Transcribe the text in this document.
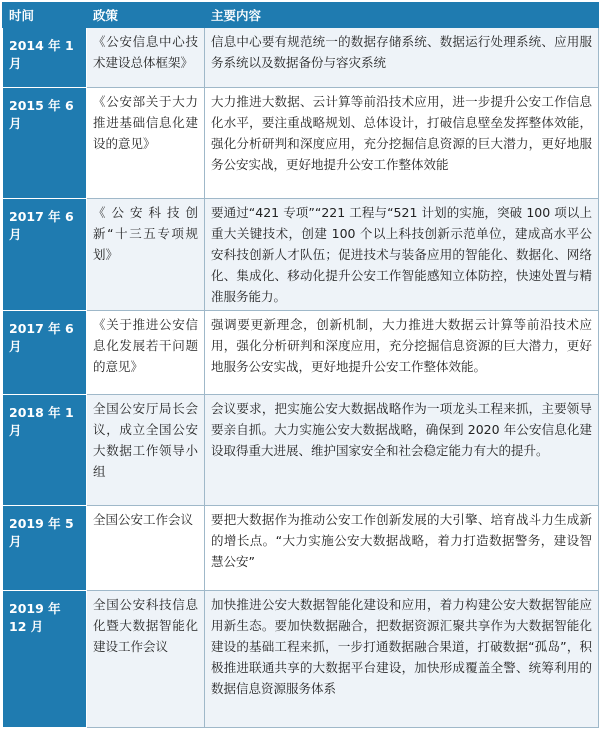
时间	政策	主要内容
2014 年 1 月	《公安信息中心技术建设总体框架》	信息中心要有规范统一的数据存储系统、数据运行处理系统、应用服务系统以及数据备份与容灾系统
2015 年 6 月	《公安部关于大力推进基础信息化建设的意见》	大力推进大数据、云计算等前沿技术应用，进一步提升公安工作信息化水平，要注重战略规划、总体设计，打破信息壁垒发挥整体效能，强化分析研判和深度应用，充分挖掘信息资源的巨大潜力，更好地服务公安实战，更好地提升公安工作整体效能
2017 年 6 月	《公安科技创新“十三五专项规划》	要通过“421 专项”“221 工程与“521 计划的实施，突破 100 项以上重大关键技术，创建 100 个以上科技创新示范单位，建成高水平公安科技创新人才队伍；促进技术与装备应用的智能化、数据化、网络化、集成化、移动化提升公安工作智能感知立体防控，快速处置与精准服务能力。
2017 年 6 月	《关于推进公安信息化发展若干问题的意见》	强调要更新理念，创新机制，大力推进大数据云计算等前沿技术应用，强化分析研判和深度应用，充分挖掘信息资源的巨大潜力，更好地服务公安实战，更好地提升公安工作整体效能。
2018 年 1 月	全国公安厅局长会议，成立全国公安大数据工作领导小组	会议要求，把实施公安大数据战略作为一项龙头工程来抓，主要领导要亲自抓。大力实施公安大数据战略，确保到 2020 年公安信息化建设取得重大进展、维护国家安全和社会稳定能力有大的提升。
2019 年 5 月	全国公安工作会议	要把大数据作为推动公安工作创新发展的大引擎、培育战斗力生成新的增长点。“大力实施公安大数据战略，着力打造数据警务，建设智慧公安”
2019 年 12 月	全国公安科技信息化暨大数据智能化建设工作会议	加快推进公安大数据智能化建设和应用，着力构建公安大数据智能应用新生态。要加快数据融合，把数据资源汇聚共享作为大数据智能化建设的基础工程来抓，一步打通数据融合果道，打破数据“孤岛”，积极推进联通共享的大数据平台建设，加快形成覆盖全警、统筹利用的数据信息资源服务体系
